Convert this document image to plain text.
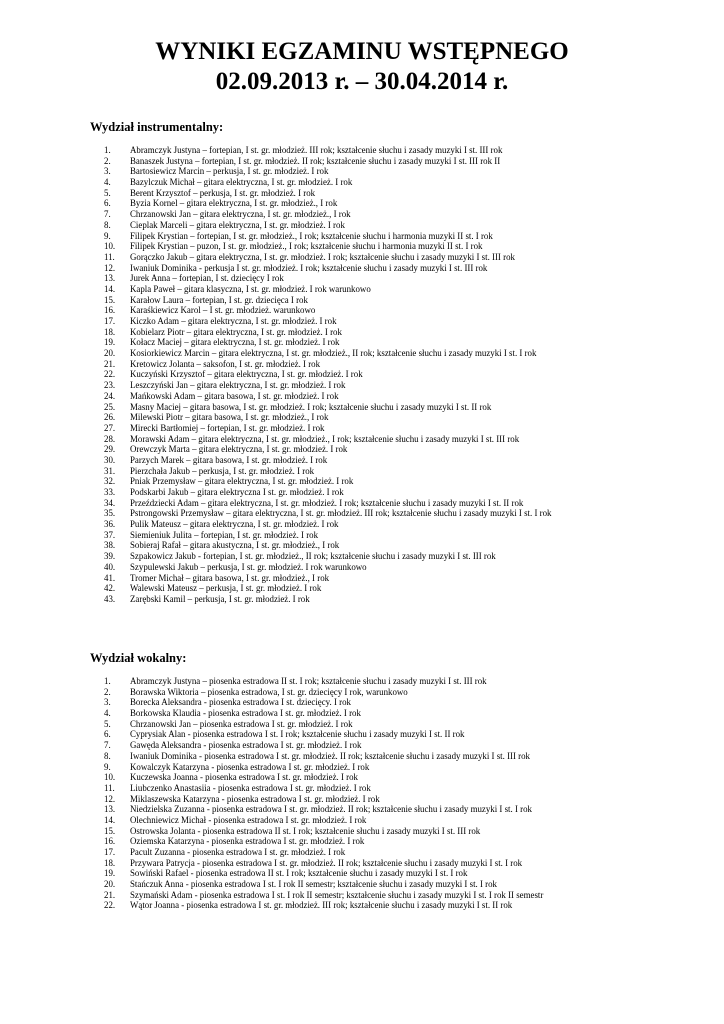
WYNIKI EGZAMINU WSTĘPNEGO
02.09.2013 r. – 30.04.2014 r.
Wydział instrumentalny:
1. Abramczyk Justyna – fortepian, I st. gr. młodzież. III rok; kształcenie słuchu i zasady muzyki I st. III rok
2. Banaszek Justyna – fortepian, I st. gr. młodzież. II rok; kształcenie słuchu i zasady muzyki I st. III rok II
3. Bartosiewicz Marcin – perkusja, I st. gr. młodzież. I rok
4. Bazylczuk Michał – gitara elektryczna, I st. gr. młodzież. I rok
5. Berent Krzysztof – perkusja, I st. gr. młodzież. I rok
6. Byzia Kornel – gitara elektryczna, I st. gr. młodzież., I rok
7. Chrzanowski Jan – gitara elektryczna, I st. gr. młodzież., I rok
8. Cieplak Marceli – gitara elektryczna, I st. gr. młodzież. I rok
9. Filipek Krystian – fortepian, I st. gr. młodzież., I rok; kształcenie słuchu i harmonia muzyki II st. I rok
10. Filipek Krystian – puzon, I st. gr. młodzież., I rok; kształcenie słuchu i harmonia muzyki II st. I rok
11. Gorączko Jakub – gitara elektryczna, I st. gr. młodzież. I rok; kształcenie słuchu i zasady muzyki I st. III rok
12. Iwaniuk Dominika - perkusja I st. gr. młodzież. I rok; kształcenie słuchu i zasady muzyki I st. III rok
13. Jurek Anna – fortepian, I st. dziecięcy I rok
14. Kapla Paweł – gitara klasyczna, I st. gr. młodzież. I rok warunkowo
15. Karałow Laura – fortepian, I st. gr. dziecięca I rok
16. Karaśkiewicz Karol – I st. gr. młodzież. warunkowo
17. Kiczko Adam – gitara elektryczna, I st. gr. młodzież. I rok
18. Kobielarz Piotr – gitara elektryczna, I st. gr. młodzież. I rok
19. Kołacz Maciej – gitara elektryczna, I st. gr. młodzież. I rok
20. Kosiorkiewicz Marcin – gitara elektryczna, I st. gr. młodzież., II rok; kształcenie słuchu i zasady muzyki I st. I rok
21. Kretowicz Jolanta – saksofon, I st. gr. młodzież. I rok
22. Kuczyński Krzysztof – gitara elektryczna, I st. gr. młodzież. I rok
23. Leszczyński Jan – gitara elektryczna, I st. gr. młodzież. I rok
24. Mańkowski Adam – gitara basowa, I st. gr. młodzież. I rok
25. Masny Maciej – gitara basowa, I st. gr. młodzież. I rok; kształcenie słuchu i zasady muzyki I st. II rok
26. Milewski Piotr – gitara basowa, I st. gr. młodzież., I rok
27. Mirecki Bartłomiej – fortepian, I st. gr. młodzież. I rok
28. Morawski Adam – gitara elektryczna, I st. gr. młodzież., I rok; kształcenie słuchu i zasady muzyki I st. III rok
29. Orewczyk Marta – gitara elektryczna, I st. gr. młodzież. I rok
30. Parzych Marek – gitara basowa, I st. gr. młodzież. I rok
31. Pierzchała Jakub – perkusja, I st. gr. młodzież. I rok
32. Pniak Przemysław – gitara elektryczna, I st. gr. młodzież. I rok
33. Podskarbi Jakub – gitara elektryczna I st. gr. młodzież. I rok
34. Przeździecki Adam – gitara elektryczna, I st. gr. młodzież. I rok; kształcenie słuchu i zasady muzyki I st. II rok
35. Pstrongowski Przemysław – gitara elektryczna, I st. gr. młodzież. III rok; kształcenie słuchu i zasady muzyki I st. I rok
36. Pulik Mateusz – gitara elektryczna, I st. gr. młodzież. I rok
37. Siemieniuk Julita – fortepian, I st. gr. młodzież. I rok
38. Sobieraj Rafał – gitara akustyczna, I st. gr. młodzież., I rok
39. Szpakowicz Jakub - fortepian, I st. gr. młodzież., II rok; kształcenie słuchu i zasady muzyki I st. III rok
40. Szypulewski Jakub – perkusja, I st. gr. młodzież. I rok warunkowo
41. Tromer Michał – gitara basowa, I st. gr. młodzież., I rok
42. Walewski Mateusz – perkusja, I st. gr. młodzież. I rok
43. Zarębski Kamil – perkusja, I st. gr. młodzież. I rok
Wydział wokalny:
1. Abramczyk Justyna – piosenka estradowa II st. I rok; kształcenie słuchu i zasady muzyki I st. III rok
2. Borawska Wiktoria – piosenka estradowa, I st. gr. dziecięcy I rok, warunkowo
3. Borecka Aleksandra - piosenka estradowa I st. dziecięcy. I rok
4. Borkowska Klaudia - piosenka estradowa I st. gr. młodzież. I rok
5. Chrzanowski Jan – piosenka estradowa I st. gr. młodzież. I rok
6. Cyprysiak Alan - piosenka estradowa I st. I rok; kształcenie słuchu i zasady muzyki I st. II rok
7. Gawęda Aleksandra - piosenka estradowa I st. gr. młodzież. I rok
8. Iwaniuk Dominika - piosenka estradowa I st. gr. młodzież. II rok; kształcenie słuchu i zasady muzyki I st. III rok
9. Kowalczyk Katarzyna - piosenka estradowa I st. gr. młodzież. I rok
10. Kuczewska Joanna - piosenka estradowa I st. gr. młodzież. I rok
11. Liubczenko Anastasiia - piosenka estradowa I st. gr. młodzież. I rok
12. Miklaszewska Katarzyna - piosenka estradowa I st. gr. młodzież. I rok
13. Niedzielska Zuzanna - piosenka estradowa I st. gr. młodzież. II rok; kształcenie słuchu i zasady muzyki I st. I rok
14. Olechniewicz Michał - piosenka estradowa I st. gr. młodzież. I rok
15. Ostrowska Jolanta - piosenka estradowa II st. I rok; kształcenie słuchu i zasady muzyki I st. III rok
16. Oziemska Katarzyna - piosenka estradowa I st. gr. młodzież. I rok
17. Pacult Zuzanna - piosenka estradowa I st. gr. młodzież. I rok
18. Przywara Patrycja - piosenka estradowa I st. gr. młodzież. II rok; kształcenie słuchu i zasady muzyki I st. I rok
19. Sowiński Rafael - piosenka estradowa II st. I rok; kształcenie słuchu i zasady muzyki I st. I rok
20. Stańczuk Anna - piosenka estradowa I st. I rok II semestr; kształcenie słuchu i zasady muzyki I st. I rok
21. Szymański Adam - piosenka estradowa I st. I rok II semestr; kształcenie słuchu i zasady muzyki I st. I rok II semestr
22. Wątor Joanna - piosenka estradowa I st. gr. młodzież. III rok; kształcenie słuchu i zasady muzyki I st. II rok
